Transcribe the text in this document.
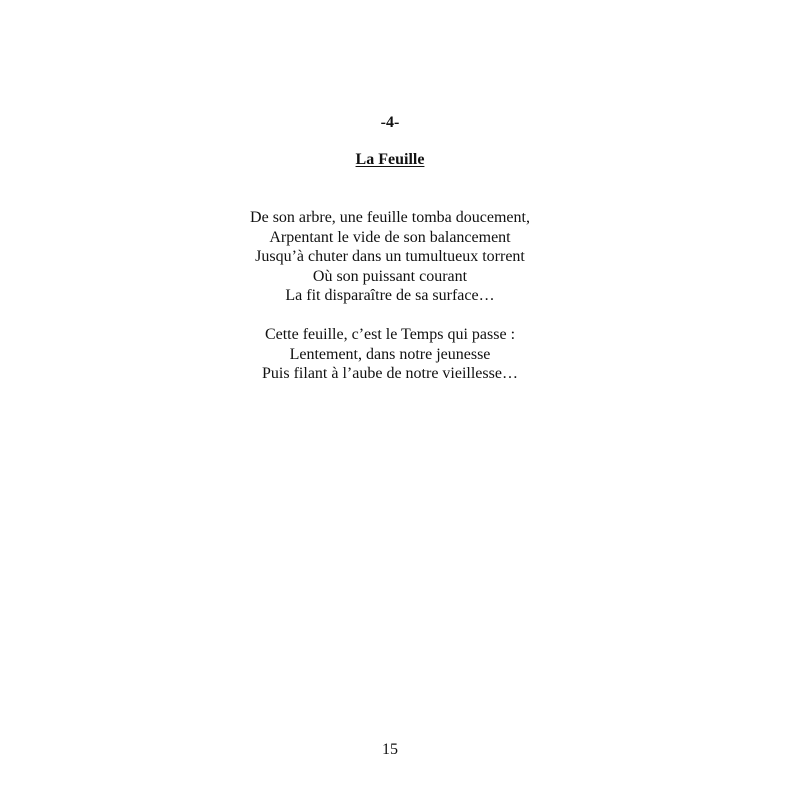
-4-
La Feuille
De son arbre, une feuille tomba doucement,
Arpentant le vide de son balancement
Jusqu’à chuter dans un tumultueux torrent
Où son puissant courant
La fit disparaître de sa surface…
Cette feuille, c’est le Temps qui passe :
Lentement, dans notre jeunesse
Puis filant à l’aube de notre vieillesse…
15
